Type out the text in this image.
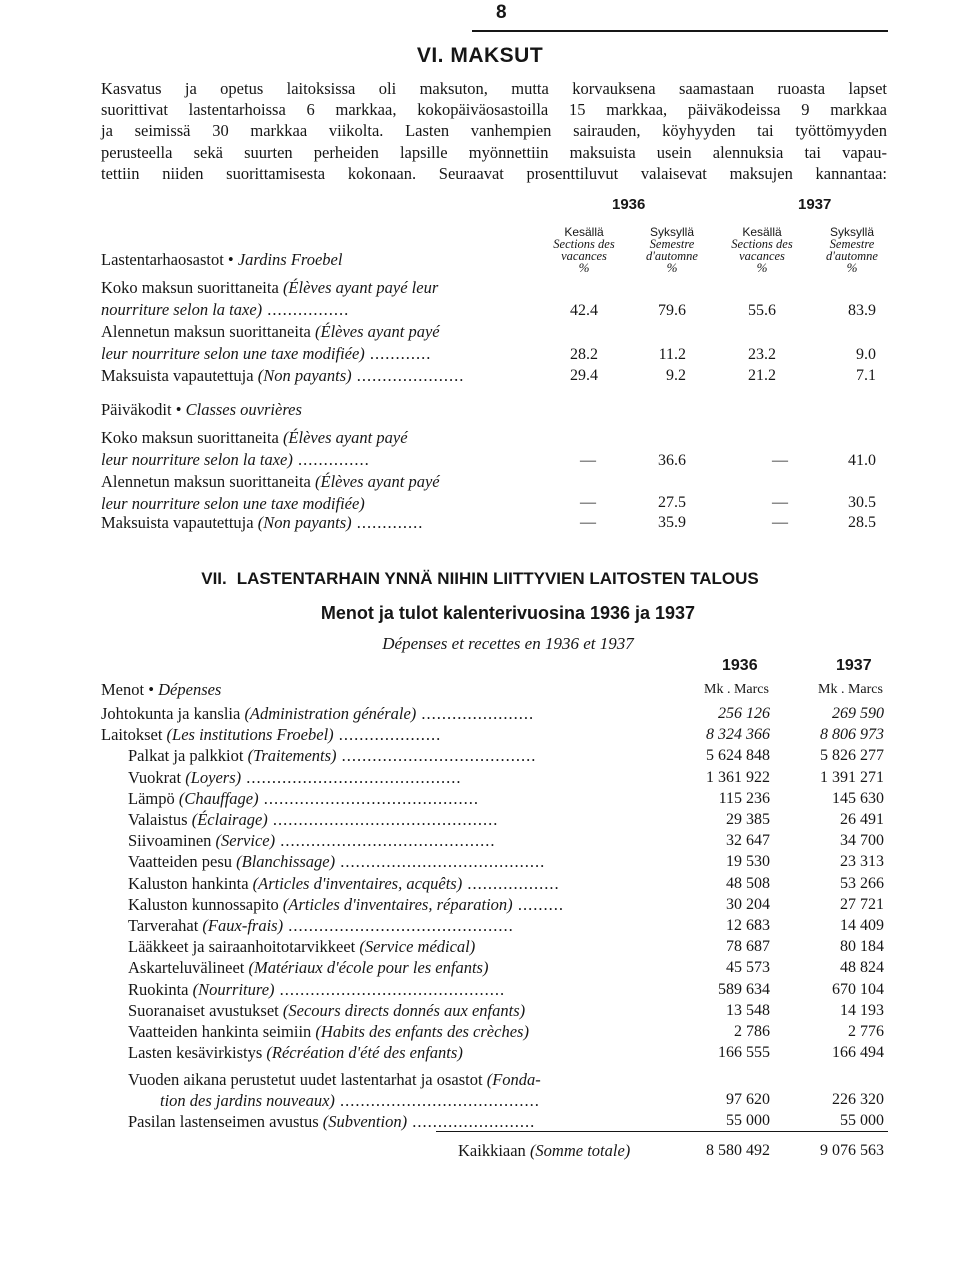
8
VI. MAKSUT
Kasvatus ja opetus laitoksissa oli maksuton, mutta korvauksena saamastaan ruoasta lapset
suorittivat lastentarhoissa 6 markkaa, kokopäiväosastoilla 15 markkaa, päiväkodeissa 9 markkaa
ja seimissä 30 markkaa viikolta. Lasten vanhempien sairauden, köyhyyden tai työttömyyden
perusteella sekä suurten perheiden lapsille myönnettiin maksuista usein alennuksia tai vapau-
tettiin niiden suorittamisesta kokonaan. Seuraavat prosenttiluvut valaisevat maksujen kannantaa:
1936	1937
Kesällä
Sections des
vacances
%
Syksyllä
Semestre
d'automne
%
Kesällä
Sections des
vacances
%
Syksyllä
Semestre
d'automne
%
Lastentarhaosastot • Jardins Froebel
Koko maksun suorittaneita (Élèves ayant payé leur
nourriture selon la taxe) ................	42.4	79.6	55.6	83.9
Alennetun maksun suorittaneita (Élèves ayant payé
leur nourriture selon une taxe modifiée) ............	28.2	11.2	23.2	9.0
Maksuista vapautettuja (Non payants) .....................	29.4	9.2	21.2	7.1
Päiväkodit • Classes ouvrières
Koko maksun suorittaneita (Élèves ayant payé
leur nourriture selon la taxe) ..............	—	36.6	—	41.0
Alennetun maksun suorittaneita (Élèves ayant payé
leur nourriture selon une taxe modifiée)	—	27.5	—	30.5
Maksuista vapautettuja (Non payants) .............	—	35.9	—	28.5
VII. LASTENTARHAIN YNNÄ NIIHIN LIITTYVIEN LAITOSTEN TALOUS
Menot ja tulot kalenterivuosina 1936 ja 1937
Dépenses et recettes en 1936 et 1937
1936	1937
Menot • Dépenses	Mk . Marcs	Mk . Marcs
Johtokunta ja kanslia (Administration générale) ......................	256 126	269 590
Laitokset (Les institutions Froebel) ....................	8 324 366	8 806 973
Palkat ja palkkiot (Traitements) ......................................	5 624 848	5 826 277
Vuokrat (Loyers) ..........................................	1 361 922	1 391 271
Lämpö (Chauffage) ..........................................	115 236	145 630
Valaistus (Éclairage) ............................................	29 385	26 491
Siivoaminen (Service) ..........................................	32 647	34 700
Vaatteiden pesu (Blanchissage) ........................................	19 530	23 313
Kaluston hankinta (Articles d'inventaires, acquêts) ..................	48 508	53 266
Kaluston kunnossapito (Articles d'inventaires, réparation) .........	30 204	27 721
Tarverahat (Faux-frais) ............................................	12 683	14 409
Lääkkeet ja sairaanhoitotarvikkeet (Service médical)	78 687	80 184
Askarteluvälineet (Matériaux d'école pour les enfants)	45 573	48 824
Ruokinta (Nourriture) ............................................	589 634	670 104
Suoranaiset avustukset (Secours directs donnés aux enfants)	13 548	14 193
Vaatteiden hankinta seimiin (Habits des enfants des crèches)	2 786	2 776
Lasten kesävirkistys (Récréation d'été des enfants)	166 555	166 494
Vuoden aikana perustetut uudet lastentarhat ja osastot (Fonda-
tion des jardins nouveaux) .......................................	97 620	226 320
Pasilan lastenseimen avustus (Subvention) ........................	55 000	55 000
Kaikkiaan (Somme totale)	8 580 492	9 076 563
